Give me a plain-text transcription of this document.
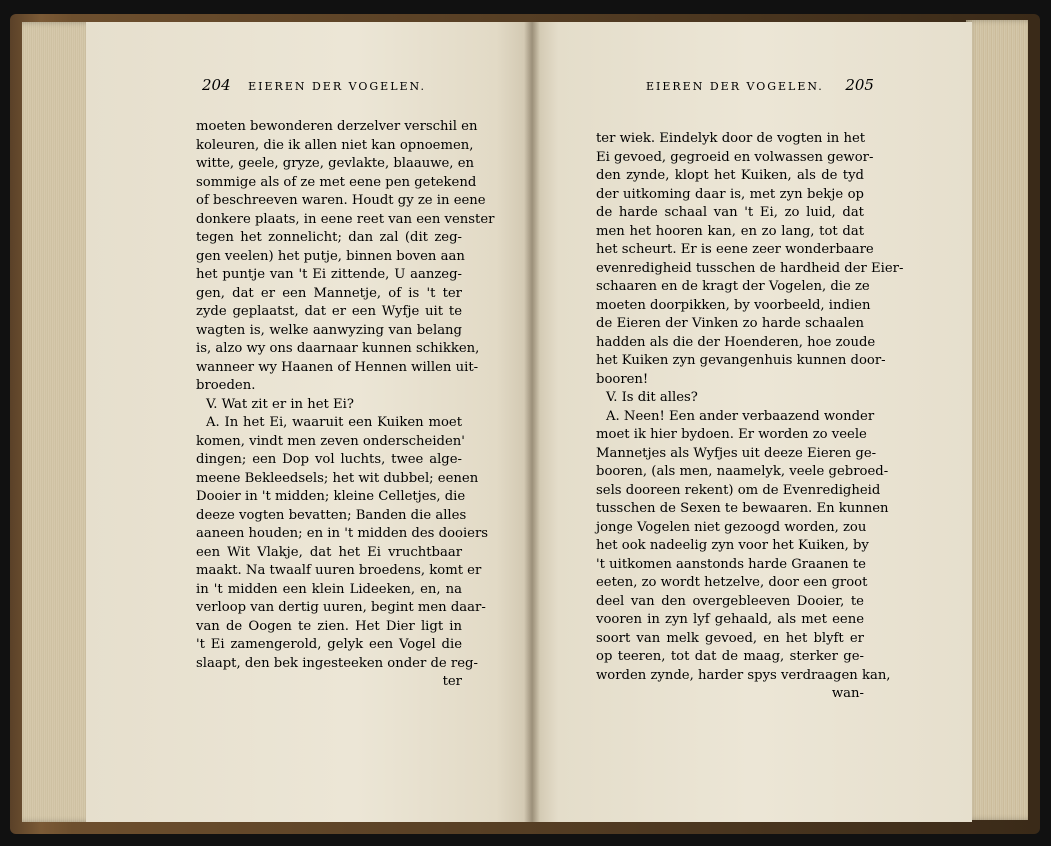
204 EIEREN DER VOGELEN.	EIEREN DER VOGELEN. 205
moeten bewonderen derzelver verschil en
koleuren, die ik allen niet kan opnoemen,
witte, geele, gryze, gevlakte, blaauwe, en
sommige als of ze met eene pen getekend
of beschreeven waren. Houdt gy ze in eene
donkere plaats, in eene reet van een venster
tegen het zonnelicht; dan zal (dit zeg-
gen veelen) het putje, binnen boven aan
het puntje van 't Ei zittende, U aanzeg-
gen, dat er een Mannetje, of is 't ter
zyde geplaatst, dat er een Wyfje uit te
wagten is, welke aanwyzing van belang
is, alzo wy ons daarnaar kunnen schikken,
wanneer wy Haanen of Hennen willen uit-
broeden.
V. Wat zit er in het Ei?
A. In het Ei, waaruit een Kuiken moet
komen, vindt men zeven onderscheiden'
dingen; een Dop vol luchts, twee alge-
meene Bekleedsels; het wit dubbel; eenen
Dooier in 't midden; kleine Celletjes, die
deeze vogten bevatten; Banden die alles
aaneen houden; en in 't midden des dooiers
een Wit Vlakje, dat het Ei vruchtbaar
maakt. Na twaalf uuren broedens, komt er
in 't midden een klein Lideeken, en, na
verloop van dertig uuren, begint men daar-
van de Oogen te zien. Het Dier ligt in
't Ei zamengerold, gelyk een Vogel die
slaapt, den bek ingesteeken onder de reg-
ter
ter wiek. Eindelyk door de vogten in het
Ei gevoed, gegroeid en volwassen gewor-
den zynde, klopt het Kuiken, als de tyd
der uitkoming daar is, met zyn bekje op
de harde schaal van 't Ei, zo luid, dat
men het hooren kan, en zo lang, tot dat
het scheurt. Er is eene zeer wonderbaare
evenredigheid tusschen de hardheid der Eier-
schaaren en de kragt der Vogelen, die ze
moeten doorpikken, by voorbeeld, indien
de Eieren der Vinken zo harde schaalen
hadden als die der Hoenderen, hoe zoude
het Kuiken zyn gevangenhuis kunnen door-
booren!
V. Is dit alles?
A. Neen! Een ander verbaazend wonder
moet ik hier bydoen. Er worden zo veele
Mannetjes als Wyfjes uit deeze Eieren ge-
booren, (als men, naamelyk, veele gebroed-
sels dooreen rekent) om de Evenredigheid
tusschen de Sexen te bewaaren. En kunnen
jonge Vogelen niet gezoogd worden, zou
het ook nadeelig zyn voor het Kuiken, by
't uitkomen aanstonds harde Graanen te
eeten, zo wordt hetzelve, door een groot
deel van den overgebleeven Dooier, te
vooren in zyn lyf gehaald, als met eene
soort van melk gevoed, en het blyft er
op teeren, tot dat de maag, sterker ge-
worden zynde, harder spys verdraagen kan,
wan-
